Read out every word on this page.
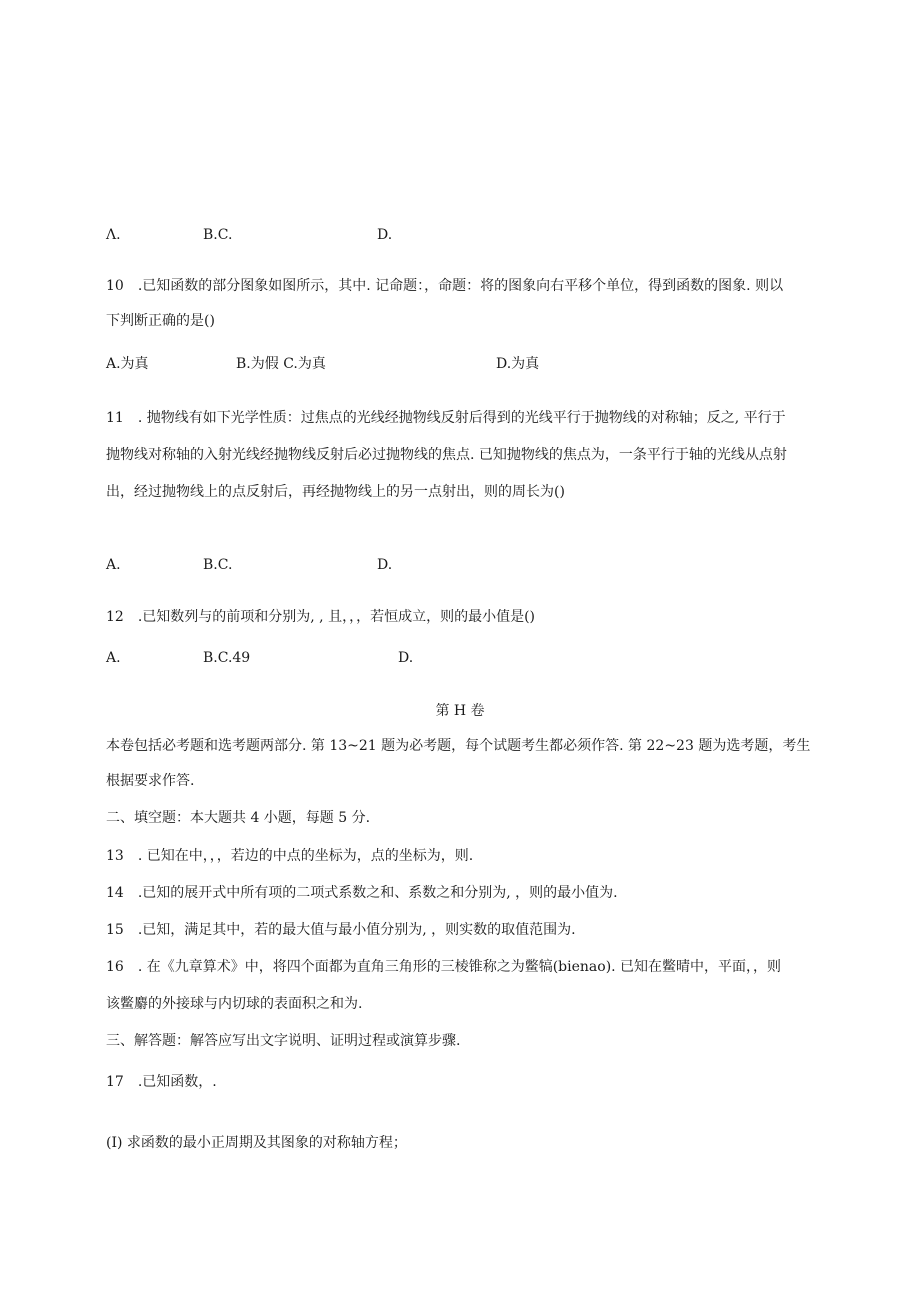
Λ.	B.C.	D.
10　.已知函数的部分图象如图所示，其中. 记命题：，命题：将的图象向右平移个单位，得到函数的图象. 则以
下判断正确的是()
A.为真	B.为假 C.为真	D.为真
11　. 抛物线有如下光学性质：过焦点的光线经抛物线反射后得到的光线平行于抛物线的对称轴；反之, 平行于
抛物线对称轴的入射光线经抛物线反射后必过抛物线的焦点. 已知抛物线的焦点为，一条平行于轴的光线从点射
出，经过抛物线上的点反射后，再经抛物线上的另一点射出，则的周长为()
A.	B.C.	D.
12　.已知数列与的前项和分别为, , 且，，，若恒成立，则的最小值是()
A.	B.C.49	D.
第 H 卷
本卷包括必考题和选考题两部分. 第 13~21 题为必考题，每个试题考生都必须作答. 第 22~23 题为选考题，考生
根据要求作答.
二、填空题：本大题共 4 小题，每题 5 分.
13　. 已知在中，，，若边的中点的坐标为，点的坐标为，则.
14　.已知的展开式中所有项的二项式系数之和、系数之和分别为, ，则的最小值为.
15　.已知，满足其中，若的最大值与最小值分别为, ，则实数的取值范围为.
16　. 在《九章算术》中，将四个面都为直角三角形的三棱锥称之为鳖犒(bienao). 已知在鳖晴中，平面，，则
该鳖麝的外接球与内切球的表面积之和为.
三、解答题：解答应写出文字说明、证明过程或演算步骤.
17　.已知函数，.
(I) 求函数的最小正周期及其图象的对称轴方程；
